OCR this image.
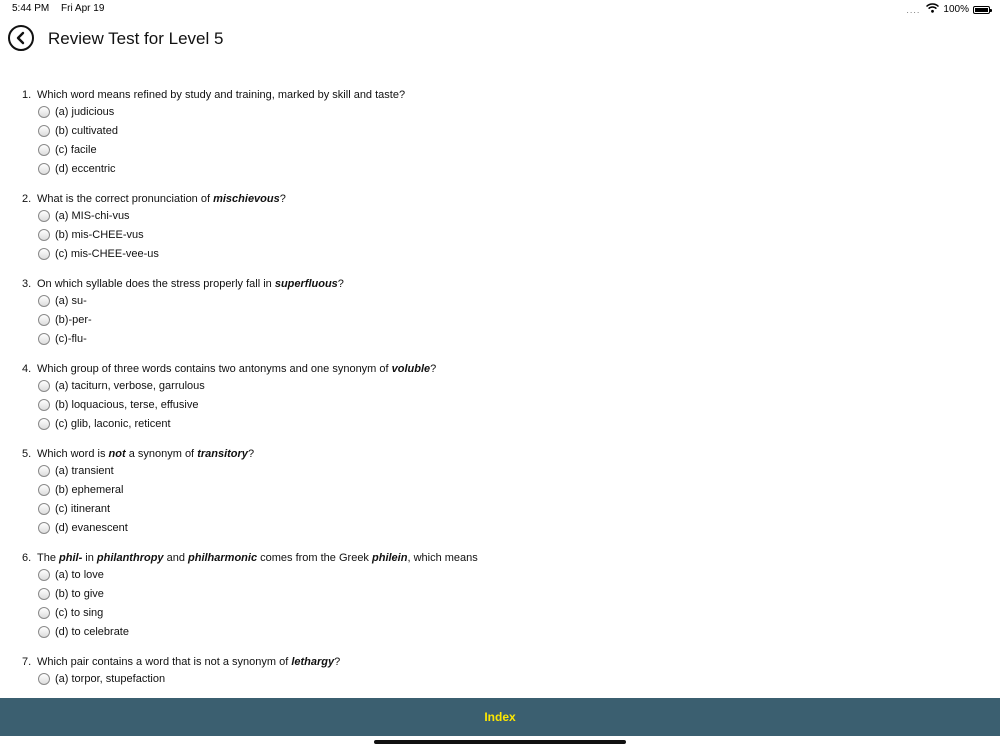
5:44 PM Fri Apr 19	.... 100%
Review Test for Level 5
1. Which word means refined by study and training, marked by skill and taste?
(a) judicious
(b) cultivated
(c) facile
(d) eccentric
2. What is the correct pronunciation of mischievous?
(a) MIS-chi-vus
(b) mis-CHEE-vus
(c) mis-CHEE-vee-us
3. On which syllable does the stress properly fall in superfluous?
(a) su-
(b)-per-
(c)-flu-
4. Which group of three words contains two antonyms and one synonym of voluble?
(a) taciturn, verbose, garrulous
(b) loquacious, terse, effusive
(c) glib, laconic, reticent
5. Which word is not a synonym of transitory?
(a) transient
(b) ephemeral
(c) itinerant
(d) evanescent
6. The phil- in philanthropy and philharmonic comes from the Greek philein, which means
(a) to love
(b) to give
(c) to sing
(d) to celebrate
7. Which pair contains a word that is not a synonym of lethargy?
(a) torpor, stupefaction
Index
